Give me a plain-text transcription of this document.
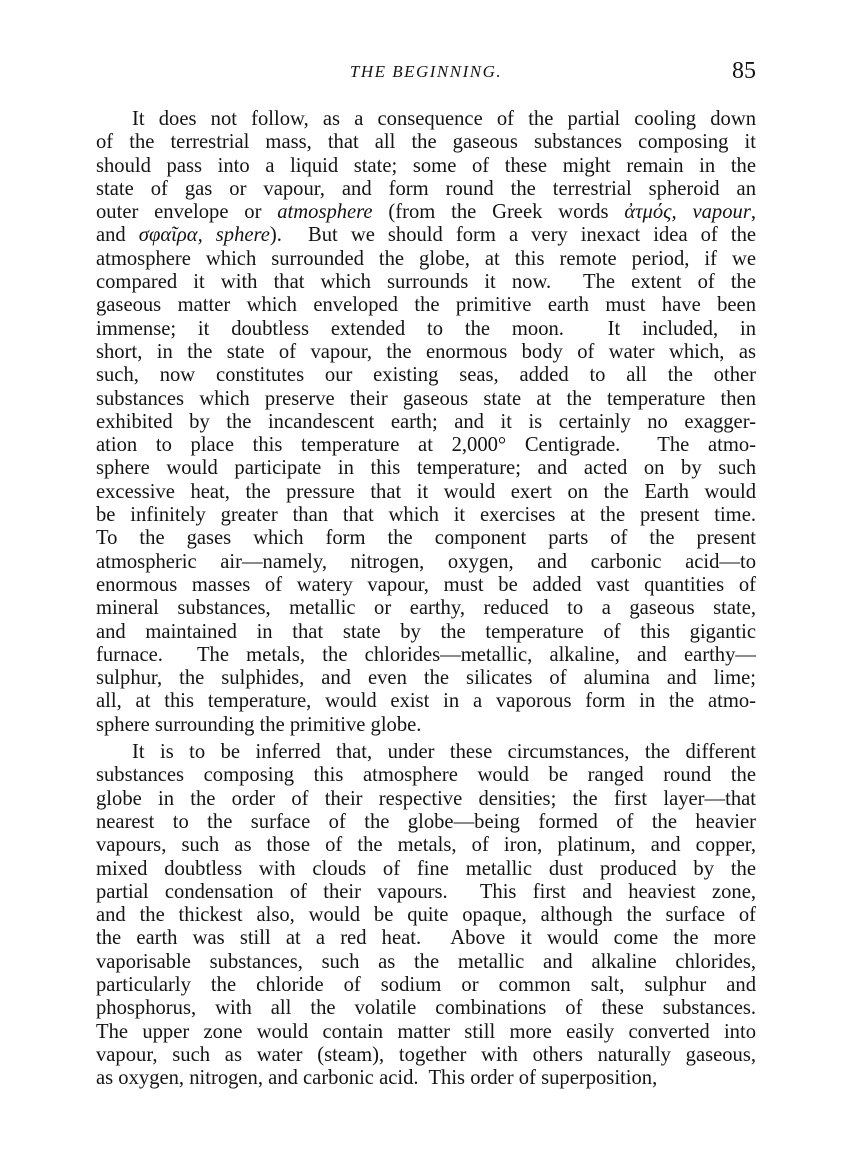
THE BEGINNING.	85
It does not follow, as a consequence of the partial cooling down
of the terrestrial mass, that all the gaseous substances composing it
should pass into a liquid state; some of these might remain in the
state of gas or vapour, and form round the terrestrial spheroid an
outer envelope or atmosphere (from the Greek words ἀτμός, vapour,
and σφαῖρα, sphere).  But we should form a very inexact idea of the
atmosphere which surrounded the globe, at this remote period, if we
compared it with that which surrounds it now.  The extent of the
gaseous matter which enveloped the primitive earth must have been
immense; it doubtless extended to the moon.  It included, in
short, in the state of vapour, the enormous body of water which, as
such, now constitutes our existing seas, added to all the other
substances which preserve their gaseous state at the temperature then
exhibited by the incandescent earth; and it is certainly no exagger-
ation to place this temperature at 2,000° Centigrade.  The atmo-
sphere would participate in this temperature; and acted on by such
excessive heat, the pressure that it would exert on the Earth would
be infinitely greater than that which it exercises at the present time.
To the gases which form the component parts of the present
atmospheric air—namely, nitrogen, oxygen, and carbonic acid—to
enormous masses of watery vapour, must be added vast quantities of
mineral substances, metallic or earthy, reduced to a gaseous state,
and maintained in that state by the temperature of this gigantic
furnace.  The metals, the chlorides—metallic, alkaline, and earthy—
sulphur, the sulphides, and even the silicates of alumina and lime;
all, at this temperature, would exist in a vaporous form in the atmo-
sphere surrounding the primitive globe.
It is to be inferred that, under these circumstances, the different
substances composing this atmosphere would be ranged round the
globe in the order of their respective densities; the first layer—that
nearest to the surface of the globe—being formed of the heavier
vapours, such as those of the metals, of iron, platinum, and copper,
mixed doubtless with clouds of fine metallic dust produced by the
partial condensation of their vapours.  This first and heaviest zone,
and the thickest also, would be quite opaque, although the surface of
the earth was still at a red heat.  Above it would come the more
vaporisable substances, such as the metallic and alkaline chlorides,
particularly the chloride of sodium or common salt, sulphur and
phosphorus, with all the volatile combinations of these substances.
The upper zone would contain matter still more easily converted into
vapour, such as water (steam), together with others naturally gaseous,
as oxygen, nitrogen, and carbonic acid.  This order of superposition,
